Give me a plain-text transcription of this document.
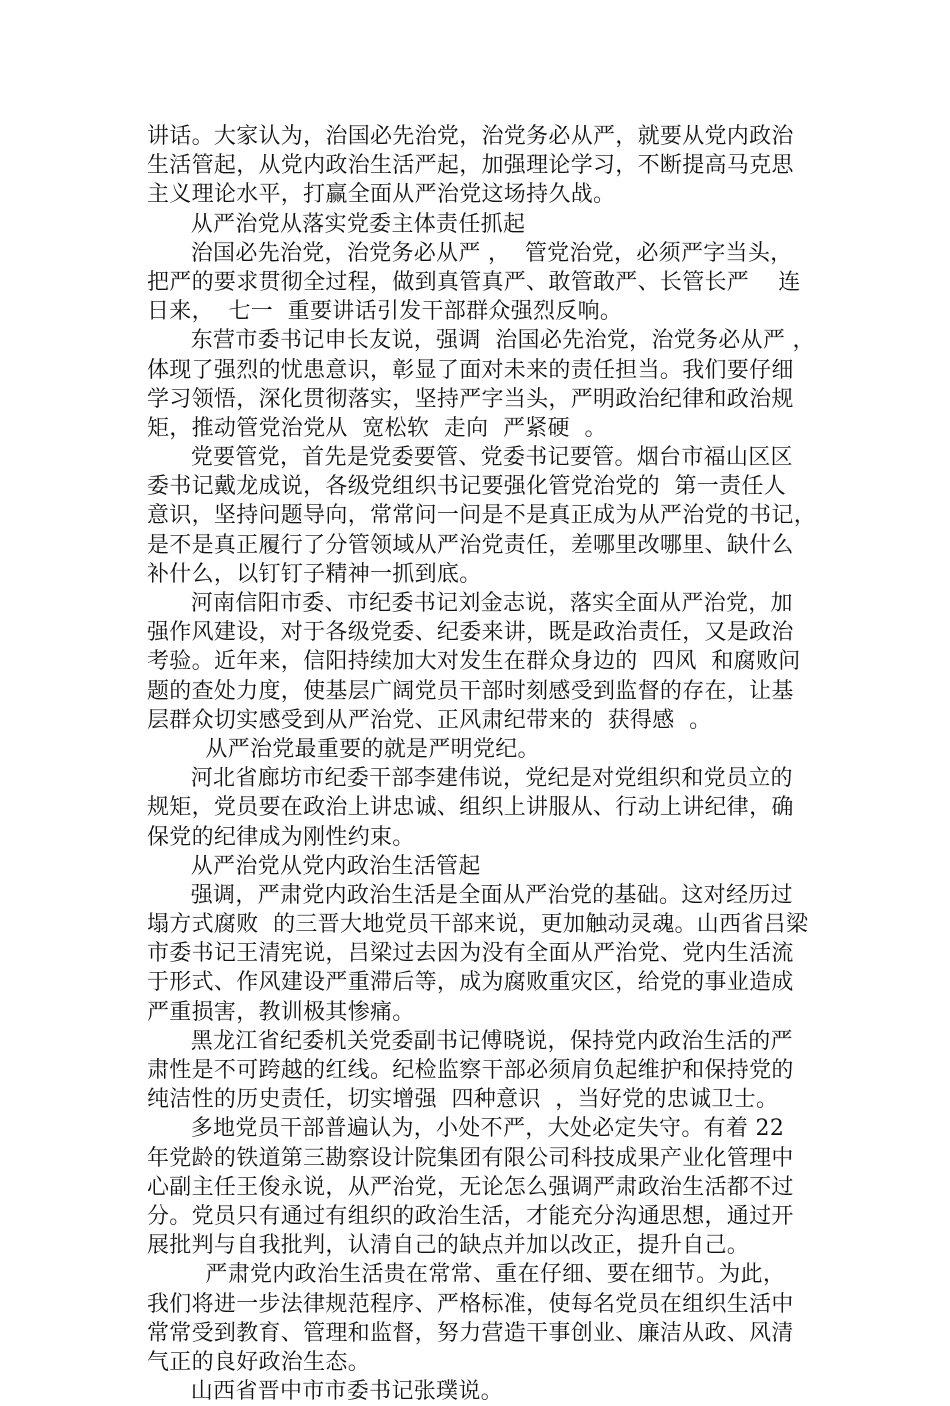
讲话。大家认为，治国必先治党，治党务必从严，就要从党内政治
生活管起，从党内政治生活严起，加强理论学习，不断提高马克思
主义理论水平，打赢全面从严治党这场持久战。
从严治党从落实党委主体责任抓起
治国必先治党，治党务必从严 ，  管党治党，必须严字当头，
把严的要求贯彻全过程，做到真管真严、敢管敢严、长管长严    连
日来，  七一  重要讲话引发干部群众强烈反响。
东营市委书记申长友说，强调  治国必先治党，治党务必从严 ，
体现了强烈的忧患意识，彰显了面对未来的责任担当。我们要仔细
学习领悟，深化贯彻落实，坚持严字当头，严明政治纪律和政治规
矩，推动管党治党从  宽松软  走向  严紧硬  。
党要管党，首先是党委要管、党委书记要管。烟台市福山区区
委书记戴龙成说，各级党组织书记要强化管党治党的  第一责任人
意识，坚持问题导向，常常问一问是不是真正成为从严治党的书记，
是不是真正履行了分管领域从严治党责任，差哪里改哪里、缺什么
补什么，以钉钉子精神一抓到底。
河南信阳市委、市纪委书记刘金志说，落实全面从严治党，加
强作风建设，对于各级党委、纪委来讲，既是政治责任，又是政治
考验。近年来，信阳持续加大对发生在群众身边的  四风  和腐败问
题的查处力度，使基层广阔党员干部时刻感受到监督的存在，让基
层群众切实感受到从严治党、正风肃纪带来的  获得感  。
从严治党最重要的就是严明党纪。
河北省廊坊市纪委干部李建伟说，党纪是对党组织和党员立的
规矩，党员要在政治上讲忠诚、组织上讲服从、行动上讲纪律，确
保党的纪律成为刚性约束。
从严治党从党内政治生活管起
强调，严肃党内政治生活是全面从严治党的基础。这对经历过
塌方式腐败  的三晋大地党员干部来说，更加触动灵魂。山西省吕梁
市委书记王清宪说，吕梁过去因为没有全面从严治党、党内生活流
于形式、作风建设严重滞后等，成为腐败重灾区，给党的事业造成
严重损害，教训极其惨痛。
黑龙江省纪委机关党委副书记傅晓说，保持党内政治生活的严
肃性是不可跨越的红线。纪检监察干部必须肩负起维护和保持党的
纯洁性的历史责任，切实增强  四种意识  ，当好党的忠诚卫士。
多地党员干部普遍认为，小处不严，大处必定失守。有着 22
年党龄的铁道第三勘察设计院集团有限公司科技成果产业化管理中
心副主任王俊永说，从严治党，无论怎么强调严肃政治生活都不过
分。党员只有通过有组织的政治生活，才能充分沟通思想，通过开
展批判与自我批判，认清自己的缺点并加以改正，提升自己。
严肃党内政治生活贵在常常、重在仔细、要在细节。为此，
我们将进一步法律规范程序、严格标准，使每名党员在组织生活中
常常受到教育、管理和监督，努力营造干事创业、廉洁从政、风清
气正的良好政治生态。
山西省晋中市市委书记张璞说。
